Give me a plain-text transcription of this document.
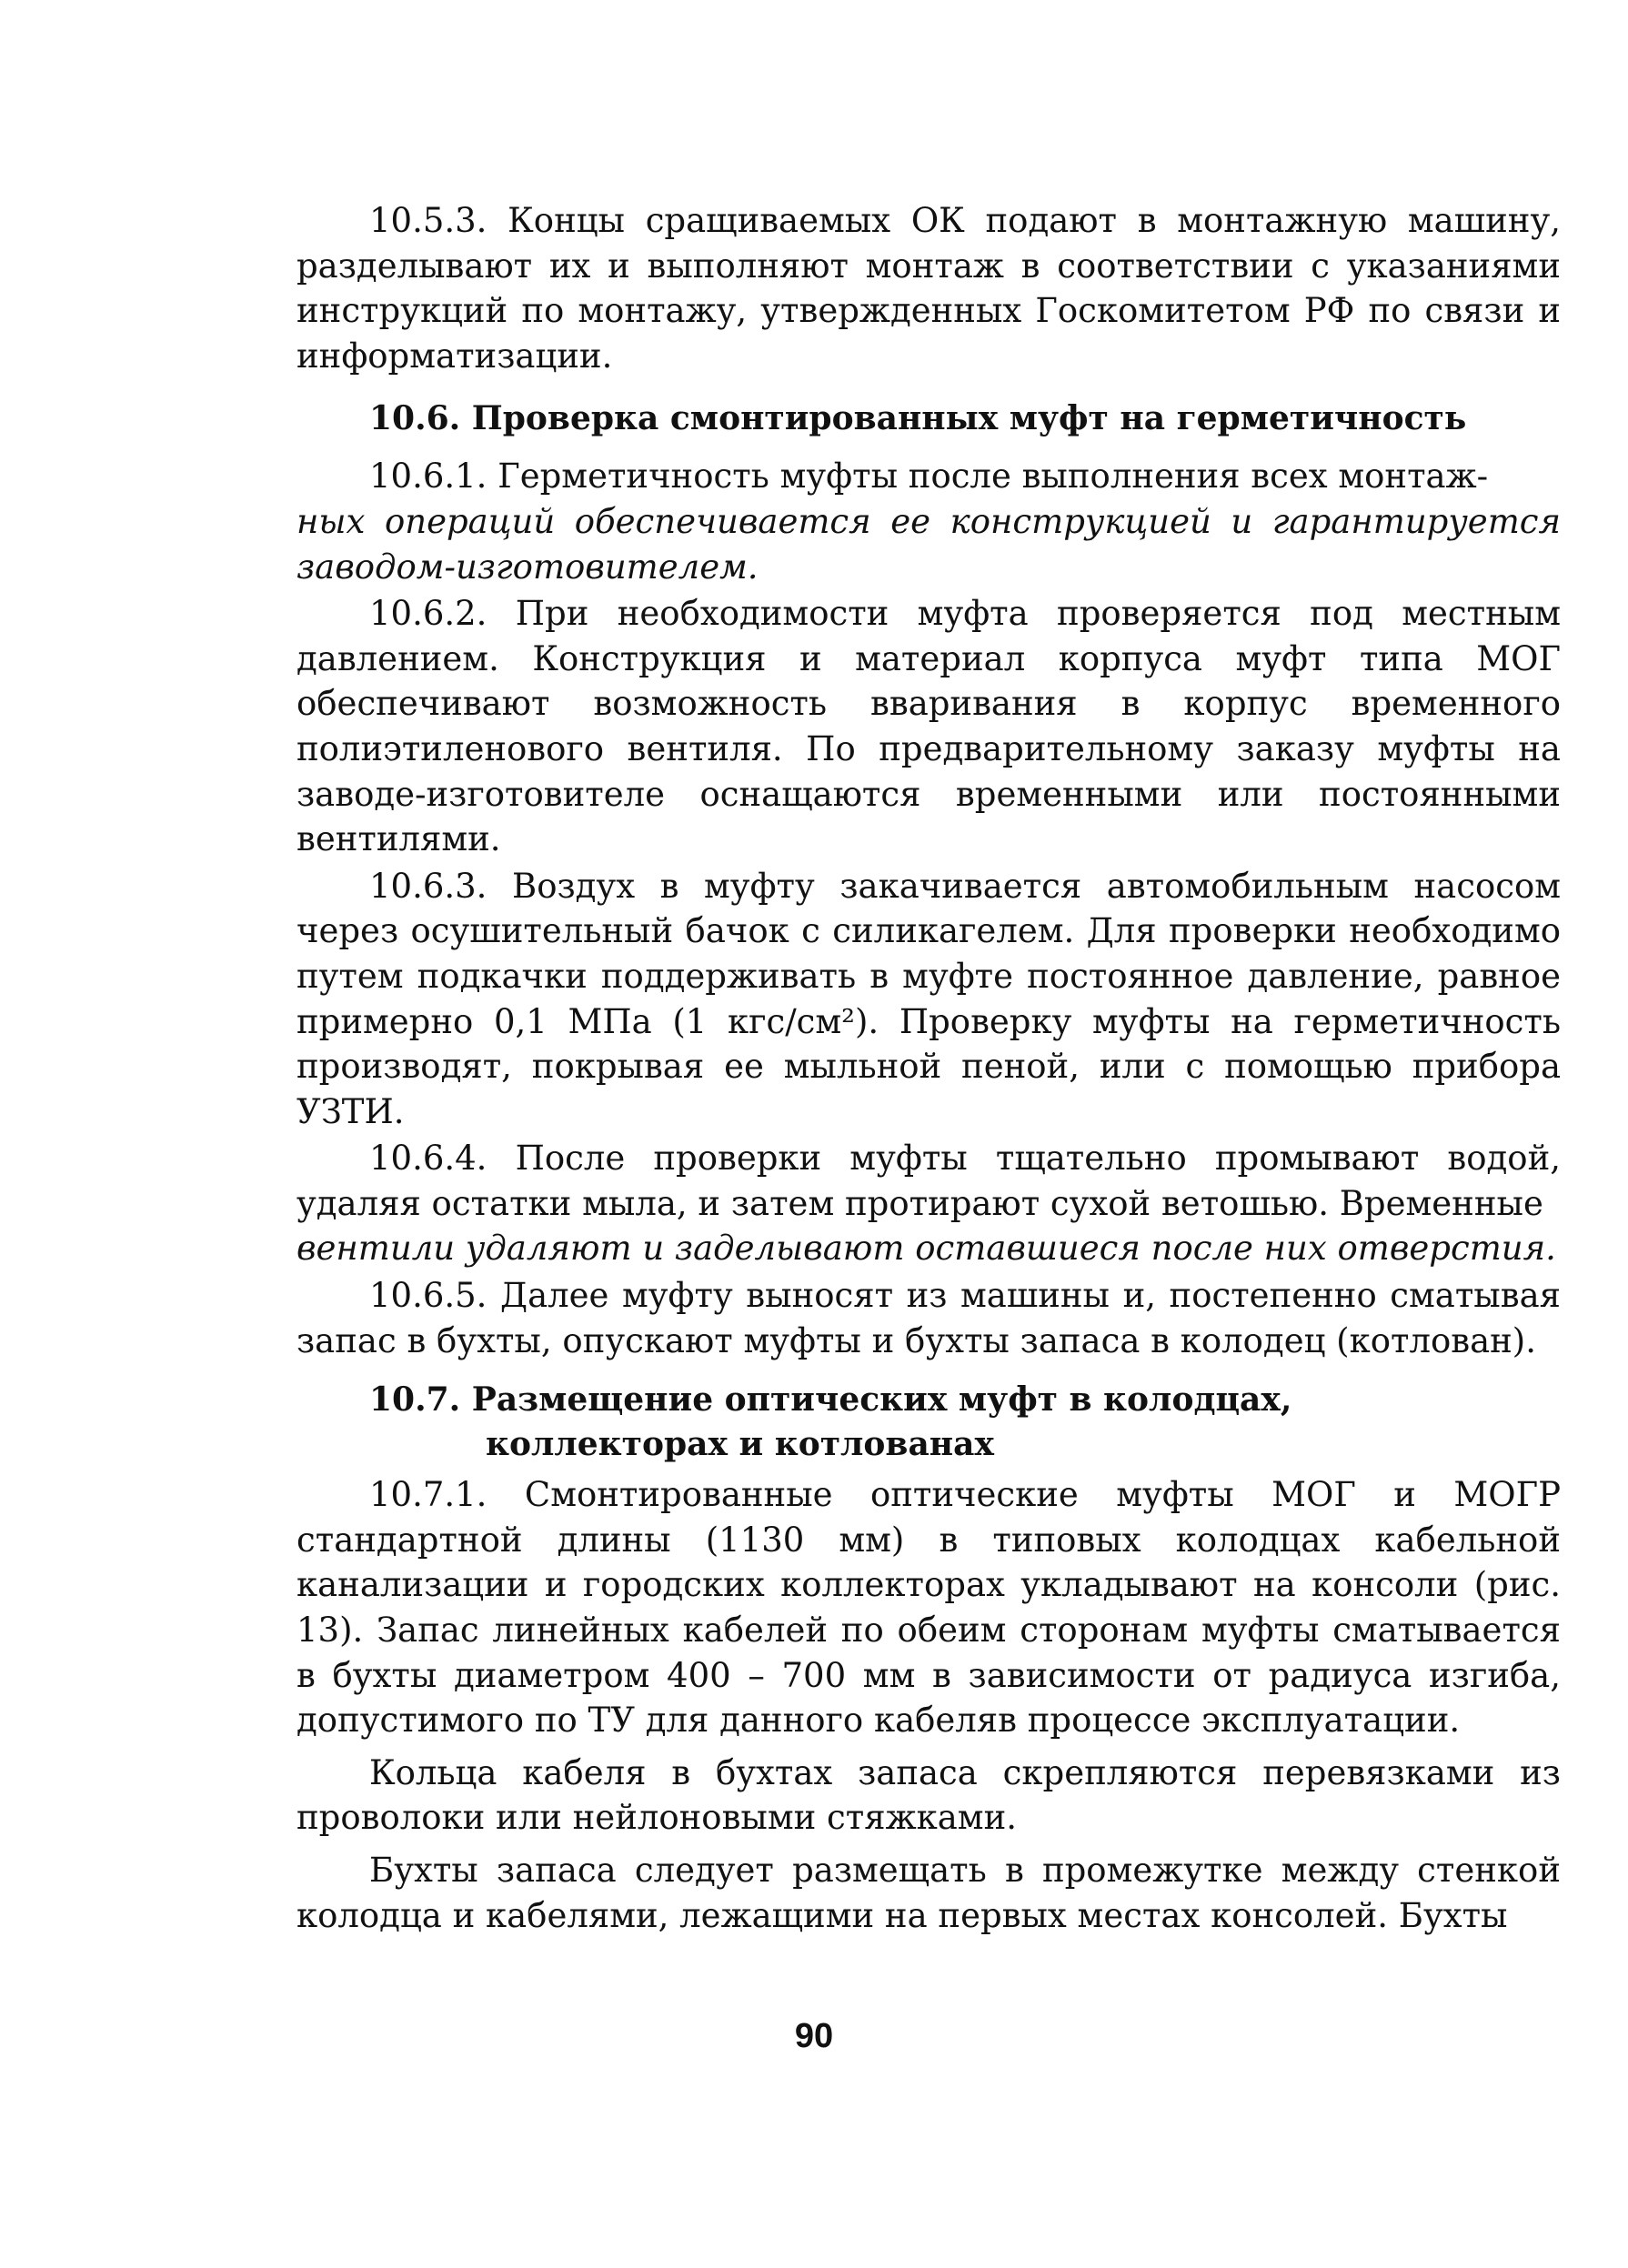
10.5.3. Концы сращиваемых ОК подают в монтажную машину, разделывают их и выполняют монтаж в соответствии с указаниями инструкций по монтажу, утвержденных Госкомитетом РФ по связи и информатизации.

10.6. Проверка смонтированных муфт на герметичность

10.6.1. Герметичность муфты после выполнения всех монтаж-

ных операций обеспечивается ее конструкцией и гарантируется заводом-изготовителем.

10.6.2. При необходимости муфта проверяется под местным давлением. Конструкция и материал корпуса муфт типа МОГ обеспечивают возможность вваривания в корпус временного полиэтиленового вентиля. По предварительному заказу муфты на заводе-изготовителе оснащаются временными или постоянными вентилями.

10.6.3. Воздух в муфту закачивается автомобильным насосом через осушительный бачок с силикагелем. Для проверки необходимо путем подкачки поддерживать в муфте постоянное давление, равное примерно 0,1 МПа (1 кгс/см²). Проверку муфты на герметичность производят, покрывая ее мыльной пеной, или с помощью прибора УЗТИ.

10.6.4. После проверки муфты тщательно промывают водой, удаляя остатки мыла, и затем протирают сухой ветошью. Временные

вентили удаляют и заделывают оставшиеся после них отверстия.

10.6.5. Далее муфту выносят из машины и, постепенно сматывая запас в бухты, опускают муфты и бухты запаса в колодец (котлован).

10.7. Размещение оптических муфт в колодцах,
коллекторах и котлованах

10.7.1. Смонтированные оптические муфты МОГ и МОГР стандартной длины (1130 мм) в типовых колодцах кабельной канализации и городских коллекторах укладывают на консоли (рис. 13). Запас линейных кабелей по обеим сторонам муфты сматывается в бухты диаметром 400 – 700 мм в зависимости от радиуса изгиба, допустимого по ТУ для данного кабеляв процессе эксплуатации.

Кольца кабеля в бухтах запаса скрепляются перевязками из проволоки или нейлоновыми стяжками.

Бухты запаса следует размещать в промежутке между стенкой колодца и кабелями, лежащими на первых местах консолей. Бухты

90
